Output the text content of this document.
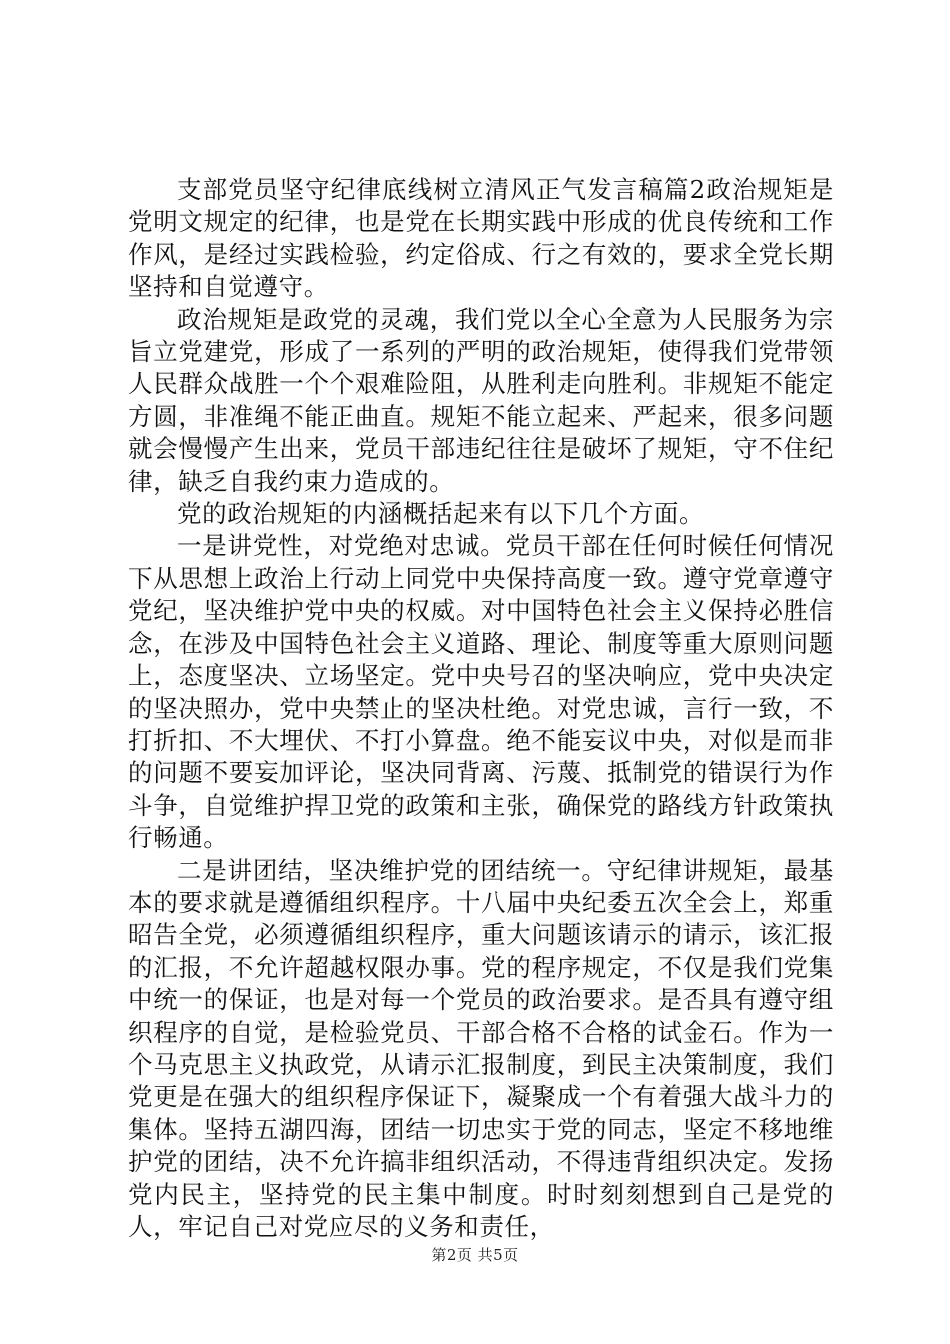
支部党员坚守纪律底线树立清风正气发言稿篇2政治规矩是党明文规定的纪律，也是党在长期实践中形成的优良传统和工作作风，是经过实践检验，约定俗成、行之有效的，要求全党长期坚持和自觉遵守。

政治规矩是政党的灵魂，我们党以全心全意为人民服务为宗旨立党建党，形成了一系列的严明的政治规矩，使得我们党带领人民群众战胜一个个艰难险阻，从胜利走向胜利。非规矩不能定方圆，非准绳不能正曲直。规矩不能立起来、严起来，很多问题就会慢慢产生出来，党员干部违纪往往是破坏了规矩，守不住纪律，缺乏自我约束力造成的。

党的政治规矩的内涵概括起来有以下几个方面。

一是讲党性，对党绝对忠诚。党员干部在任何时候任何情况下从思想上政治上行动上同党中央保持高度一致。遵守党章遵守党纪，坚决维护党中央的权威。对中国特色社会主义保持必胜信念，在涉及中国特色社会主义道路、理论、制度等重大原则问题上，态度坚决、立场坚定。党中央号召的坚决响应，党中央决定的坚决照办，党中央禁止的坚决杜绝。对党忠诚，言行一致，不打折扣、不大埋伏、不打小算盘。绝不能妄议中央，对似是而非的问题不要妄加评论，坚决同背离、污蔑、抵制党的错误行为作斗争，自觉维护捍卫党的政策和主张，确保党的路线方针政策执行畅通。

二是讲团结，坚决维护党的团结统一。守纪律讲规矩，最基本的要求就是遵循组织程序。十八届中央纪委五次全会上，郑重昭告全党，必须遵循组织程序，重大问题该请示的请示，该汇报的汇报，不允许超越权限办事。党的程序规定，不仅是我们党集中统一的保证，也是对每一个党员的政治要求。是否具有遵守组织程序的自觉，是检验党员、干部合格不合格的试金石。作为一个马克思主义执政党，从请示汇报制度，到民主决策制度，我们党更是在强大的组织程序保证下，凝聚成一个有着强大战斗力的集体。坚持五湖四海，团结一切忠实于党的同志，坚定不移地维护党的团结，决不允许搞非组织活动，不得违背组织决定。发扬党内民主，坚持党的民主集中制度。时时刻刻想到自己是党的人，牢记自己对党应尽的义务和责任，

第2页 共5页
